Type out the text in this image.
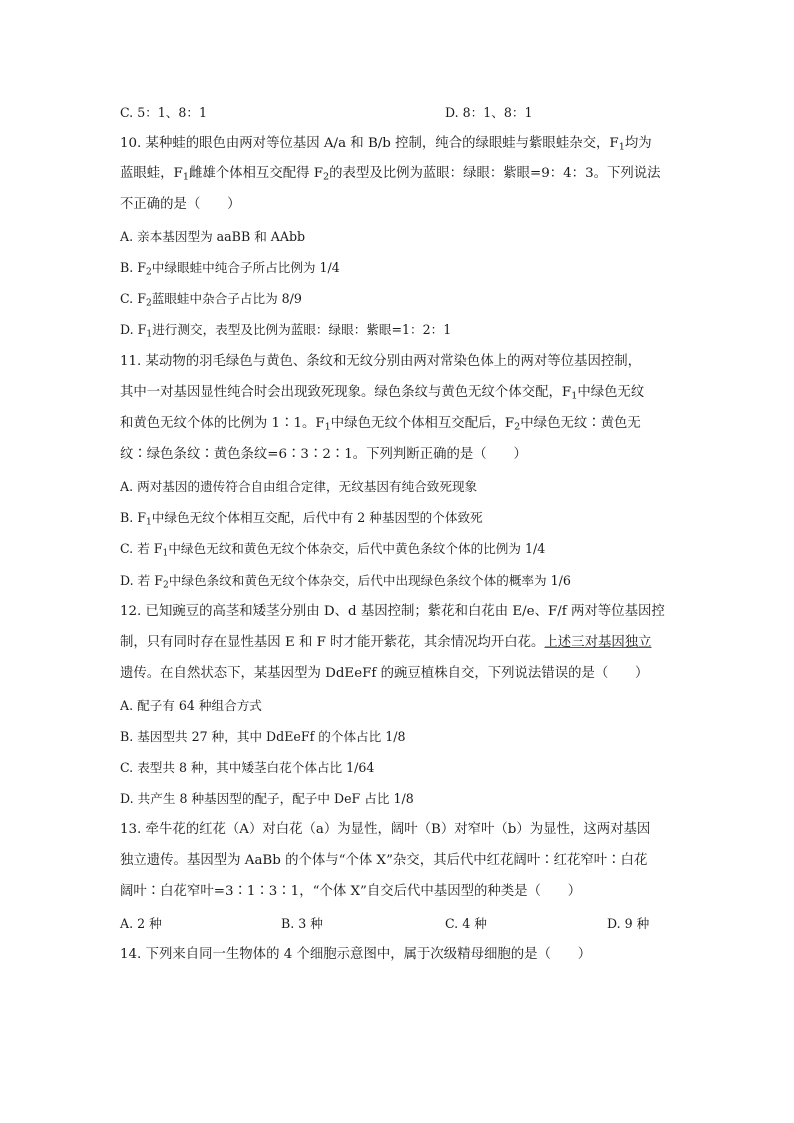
C. 5：1、8：1	D. 8：1、8：1
10. 某种蛙的眼色由两对等位基因 A/a 和 B/b 控制，纯合的绿眼蛙与紫眼蛙杂交，$F_1$均为
蓝眼蛙，$F_1$雌雄个体相互交配得 $F_2$的表型及比例为蓝眼：绿眼：紫眼=9：4：3。下列说法
不正确的是（　　）
A. 亲本基因型为 aaBB 和 AAbb
B. $F_2$中绿眼蛙中纯合子所占比例为 1/4
C. $F_2$蓝眼蛙中杂合子占比为 8/9
D. $F_1$进行测交，表型及比例为蓝眼：绿眼：紫眼=1：2：1
11. 某动物的羽毛绿色与黄色、条纹和无纹分别由两对常染色体上的两对等位基因控制，
其中一对基因显性纯合时会出现致死现象。绿色条纹与黄色无纹个体交配，$F_1$中绿色无纹
和黄色无纹个体的比例为 1∶1。$F_1$中绿色无纹个体相互交配后，$F_2$中绿色无纹∶黄色无
纹∶绿色条纹∶黄色条纹=6∶3∶2∶1。下列判断正确的是（　　）
A. 两对基因的遗传符合自由组合定律，无纹基因有纯合致死现象
B. $F_1$中绿色无纹个体相互交配，后代中有 2 种基因型的个体致死
C. 若 $F_1$中绿色无纹和黄色无纹个体杂交，后代中黄色条纹个体的比例为 1/4
D. 若 $F_2$中绿色条纹和黄色无纹个体杂交，后代中出现绿色条纹个体的概率为 1/6
12. 已知豌豆的高茎和矮茎分别由 D、d 基因控制；紫花和白花由 E/e、F/f 两对等位基因控
制，只有同时存在显性基因 E 和 F 时才能开紫花，其余情况均开白花。上述三对基因独立
遗传。在自然状态下，某基因型为 DdEeFf 的豌豆植株自交，下列说法错误的是（　　）
A. 配子有 64 种组合方式
B. 基因型共 27 种，其中 DdEeFf 的个体占比 1/8
C. 表型共 8 种，其中矮茎白花个体占比 1/64
D. 共产生 8 种基因型的配子，配子中 DeF 占比 1/8
13. 牵牛花的红花（A）对白花（a）为显性，阔叶（B）对窄叶（b）为显性，这两对基因
独立遗传。基因型为 AaBb 的个体与“个体 X”杂交，其后代中红花阔叶∶红花窄叶∶白花
阔叶∶白花窄叶=3∶1∶3∶1，“个体 X”自交后代中基因型的种类是（　　）
A. 2 种	B. 3 种	C. 4 种	D. 9 种
14. 下列来自同一生物体的 4 个细胞示意图中，属于次级精母细胞的是（　　）
